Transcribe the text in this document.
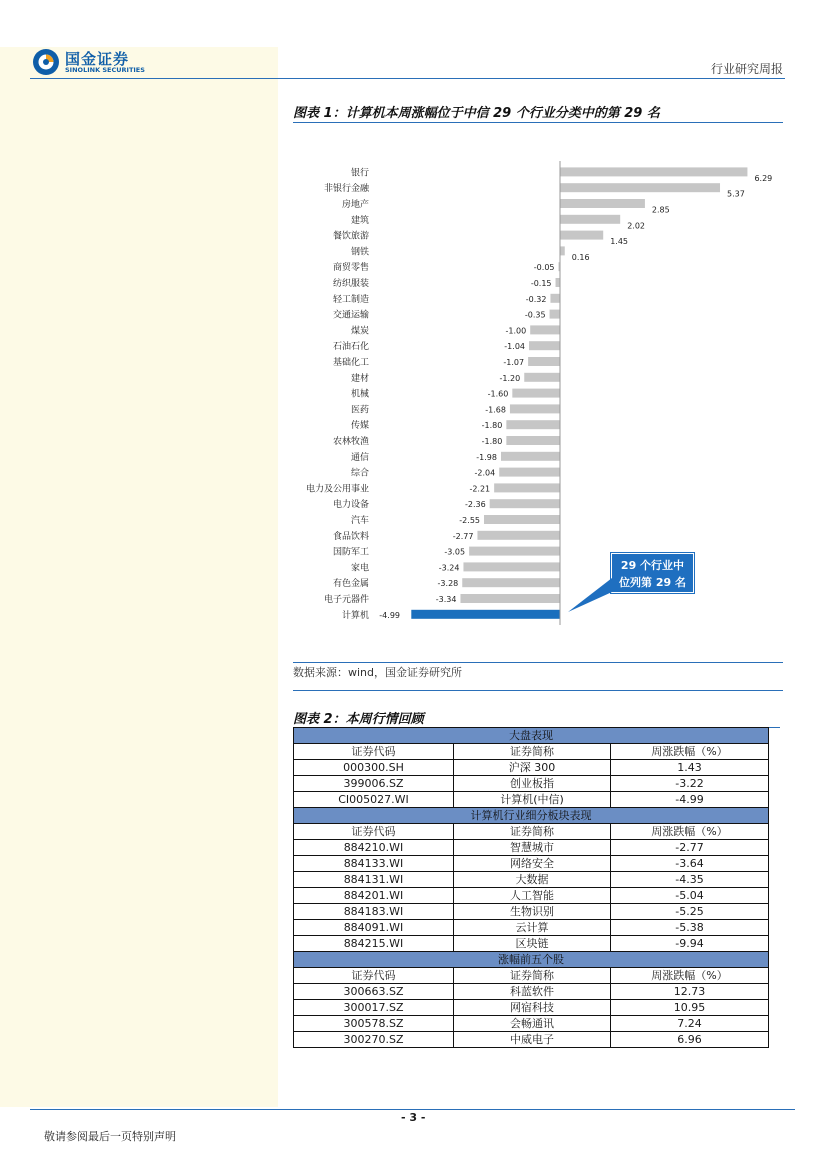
国金证券
SINOLINK SECURITIES	行业研究周报
图表 1：计算机本周涨幅位于中信 29 个行业分类中的第 29 名
银行	6.29
非银行金融	5.37
房地产	2.85
建筑	2.02
餐饮旅游	1.45
钢铁	0.16
商贸零售	-0.05
纺织服装	-0.15
轻工制造	-0.32
交通运输	-0.35
煤炭	-1.00
石油石化	-1.04
基础化工	-1.07
建材	-1.20
机械	-1.60
医药	-1.68
传媒	-1.80
农林牧渔	-1.80
通信	-1.98
综合	-2.04
电力及公用事业	-2.21
电力设备	-2.36
汽车	-2.55
食品饮料	-2.77
国防军工	-3.05
家电	-3.24
有色金属	-3.28
电子元器件	-3.34
计算机 -4.99
29 个行业中
位列第 29 名
数据来源：wind，国金证券研究所
图表 2：本周行情回顾
大盘表现		
证券代码	证券简称	周涨跌幅（%）
000300.SH	沪深 300	1.43
399006.SZ	创业板指	-3.22
CI005027.WI	计算机(中信)	-4.99
计算机行业细分板块表现		
证券代码	证券简称	周涨跌幅（%）
884210.WI	智慧城市	-2.77
884133.WI	网络安全	-3.64
884131.WI	大数据	-4.35
884201.WI	人工智能	-5.04
884183.WI	生物识别	-5.25
884091.WI	云计算	-5.38
884215.WI	区块链	-9.94
涨幅前五个股		
证券代码	证券简称	周涨跌幅（%）
300663.SZ	科蓝软件	12.73
300017.SZ	网宿科技	10.95
300578.SZ	会畅通讯	7.24
300270.SZ	中威电子	6.96
- 3 -
敬请参阅最后一页特别声明
